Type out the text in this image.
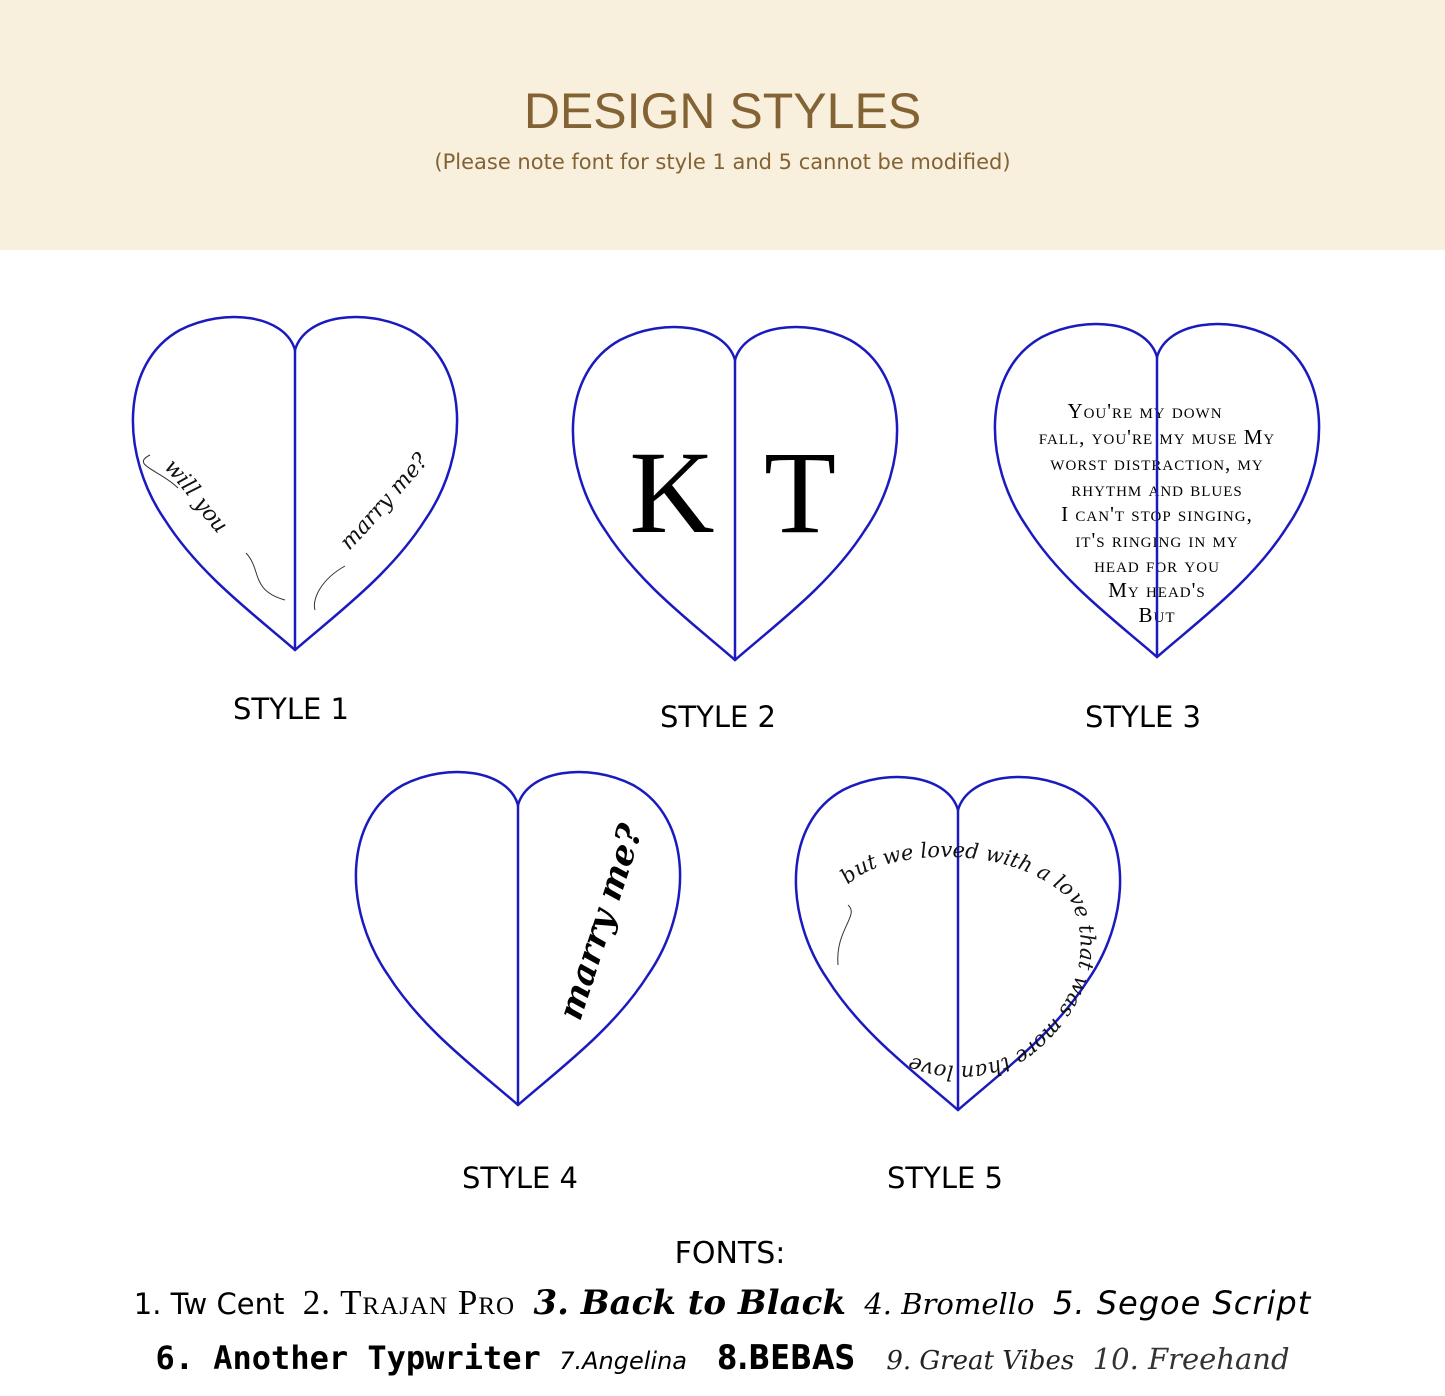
DESIGN STYLES
(Please note font for style 1 and 5 cannot be modified)
will you	marry me? K T
You're my down
fall, you're my muse My
worst distraction, my
rhythm and blues
I can't stop singing,
it's ringing in my
head for you
My head's
But
marry me?	but we loved with a love that was more than love
STYLE 1	STYLE 2	STYLE 3
STYLE 4	STYLE 5
FONTS:
1. Tw Cent 2. Trajan Pro 3. Back to Black 4. Bromello 5. Segoe Script
6. Another Typwriter 7.Angelina 8.BEBAS 9. Great Vibes 10. Freehand
